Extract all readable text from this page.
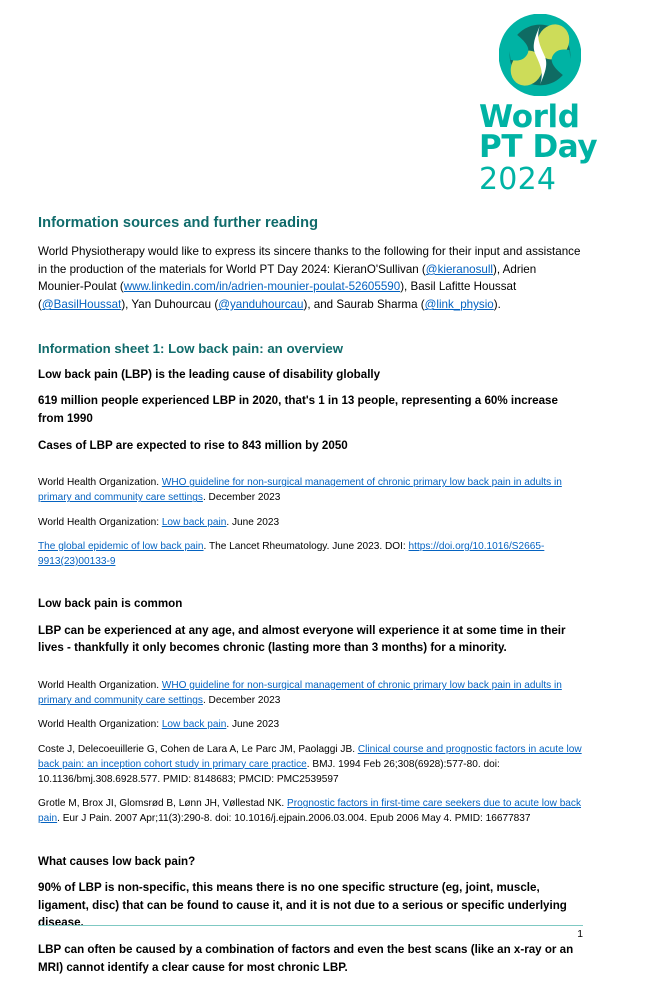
World
PT Day
2024
Information sources and further reading

World Physiotherapy would like to express its sincere thanks to the following for their input and assistance in the production of the materials for World PT Day 2024: KieranO'Sullivan (@kieranosull), Adrien Mounier-Poulat (www.linkedin.com/in/adrien-mounier-poulat-52605590), Basil Lafitte Houssat (@BasilHoussat), Yan Duhourcau (@yanduhourcau), and Saurab Sharma (@link_physio).

Information sheet 1: Low back pain: an overview

Low back pain (LBP) is the leading cause of disability globally

619 million people experienced LBP in 2020, that's 1 in 13 people, representing a 60% increase from 1990

Cases of LBP are expected to rise to 843 million by 2050

World Health Organization. WHO guideline for non-surgical management of chronic primary low back pain in adults in primary and community care settings. December 2023

World Health Organization: Low back pain. June 2023

The global epidemic of low back pain. The Lancet Rheumatology. June 2023. DOI: https://doi.org/10.1016/S2665-9913(23)00133-9

Low back pain is common

LBP can be experienced at any age, and almost everyone will experience it at some time in their lives - thankfully it only becomes chronic (lasting more than 3 months) for a minority.

World Health Organization. WHO guideline for non-surgical management of chronic primary low back pain in adults in primary and community care settings. December 2023

World Health Organization: Low back pain. June 2023

Coste J, Delecoeuillerie G, Cohen de Lara A, Le Parc JM, Paolaggi JB. Clinical course and prognostic factors in acute low back pain: an inception cohort study in primary care practice. BMJ. 1994 Feb 26;308(6928):577-80. doi: 10.1136/bmj.308.6928.577. PMID: 8148683; PMCID: PMC2539597

Grotle M, Brox JI, Glomsrød B, Lønn JH, Vøllestad NK. Prognostic factors in first-time care seekers due to acute low back pain. Eur J Pain. 2007 Apr;11(3):290-8. doi: 10.1016/j.ejpain.2006.03.004. Epub 2006 May 4. PMID: 16677837

What causes low back pain?

90% of LBP is non-specific, this means there is no one specific structure (eg, joint, muscle, ligament, disc) that can be found to cause it, and it is not due to a serious or specific underlying disease.

LBP can often be caused by a combination of factors and even the best scans (like an x-ray or an MRI) cannot identify a clear cause for most chronic LBP.

1
